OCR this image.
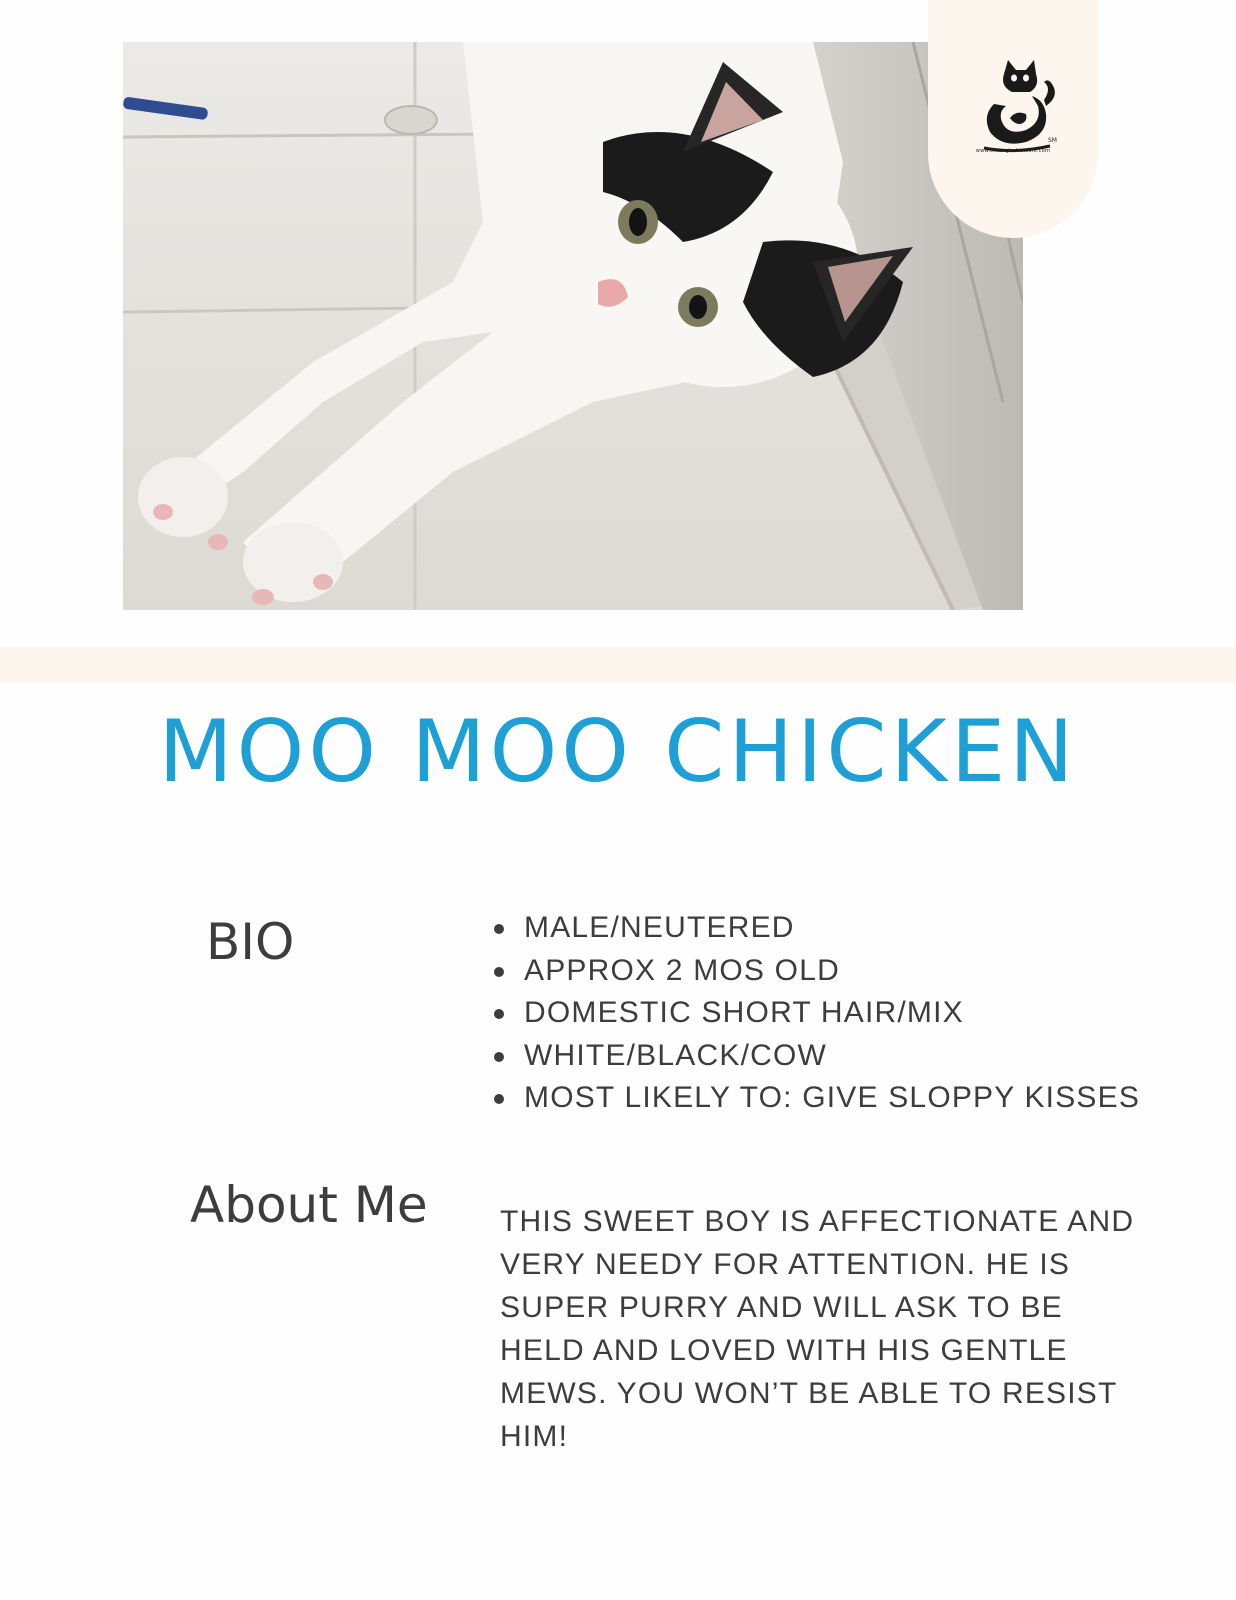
SM
www.entangledcatcafe.com
MOO MOO CHICKEN
BIO	MALE/NEUTERED
APPROX 2 MOS OLD
DOMESTIC SHORT HAIR/MIX
WHITE/BLACK/COW
MOST LIKELY TO: GIVE SLOPPY KISSES
About Me THIS SWEET BOY IS AFFECTIONATE AND VERY NEEDY FOR ATTENTION. HE IS SUPER PURRY AND WILL ASK TO BE HELD AND LOVED WITH HIS GENTLE MEWS. YOU WON’T BE ABLE TO RESIST HIM!
